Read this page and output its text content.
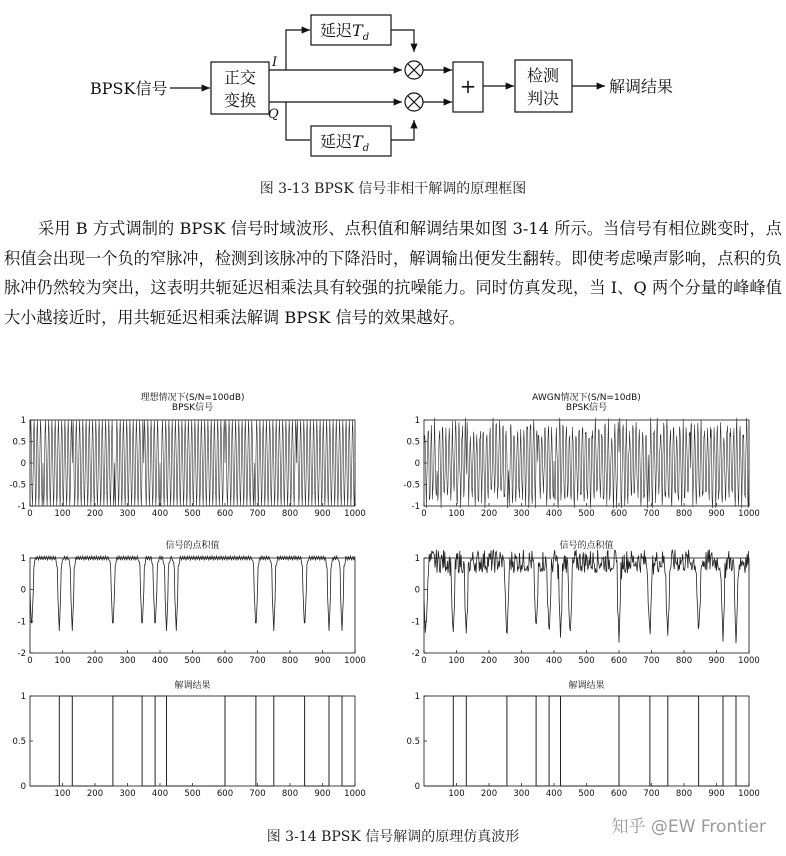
BPSK信号
正交
变换
I
Q
延迟$T_d$
延迟$T_d$
+	检测
判决
解调结果
图 3-13 BPSK 信号非相干解调的原理框图

采用 B 方式调制的 BPSK 信号时域波形、点积值和解调结果如图 3-14 所示。当信号有相位跳变时，点积值会出现一个负的窄脉冲，检测到该脉冲的下降沿时，解调输出便发生翻转。即使考虑噪声影响，点积的负脉冲仍然较为突出，这表明共轭延迟相乘法具有较强的抗噪能力。同时仿真发现，当 I、Q 两个分量的峰峰值大小越接近时，用共轭延迟相乘法解调 BPSK 信号的效果越好。

理想情况下(S/N=100dB)
BPSK信号
0	100 200 300 400 500 600 700 800 900 1000
1
0.5
0
-0.5
-1
AWGN情况下(S/N=10dB)
BPSK信号
0	100 200 300 400 500 600 700 800 900 1000
1
0.5
0
-0.5
-1
信号的点积值
0	100 200 300 400 500 600 700 800 900 1000
1
0
-1
-2
信号的点积值
0	100 200 300 400 500 600 700 800 900 1000
1
0
-1
-2
解调结果
100 200 300 400 500 600 700 800 900 1000
1
0.5
0
解调结果
100 200 300 400 500 600 700 800 900 1000
1
0.5
0
图 3-14 BPSK 信号解调的原理仿真波形	知乎 @EW Frontier
